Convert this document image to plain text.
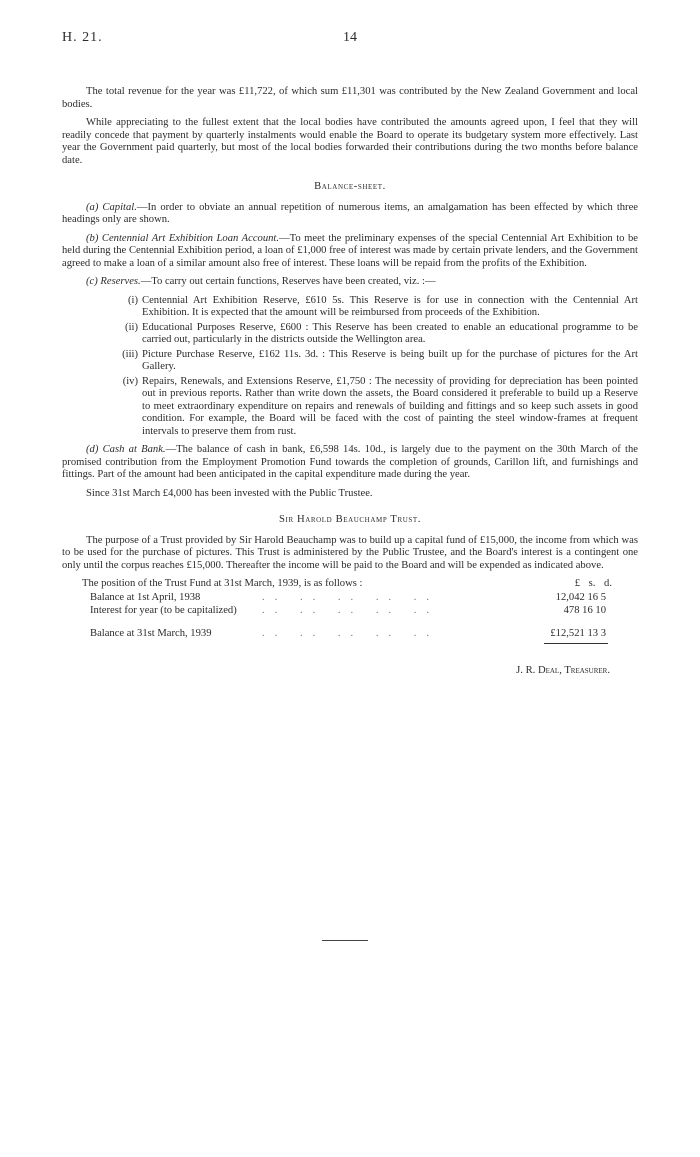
H. 21.	14

The total revenue for the year was £11,722, of which sum £11,301 was contributed by the New Zealand Government and local bodies.

While appreciating to the fullest extent that the local bodies have contributed the amounts agreed upon, I feel that they will readily concede that payment by quarterly instalments would enable the Board to operate its budgetary system more effectively. Last year the Government paid quarterly, but most of the local bodies forwarded their contributions during the two months before balance date.

Balance-sheet.

(a) Capital.—In order to obviate an annual repetition of numerous items, an amalgamation has been effected by which three headings only are shown.

(b) Centennial Art Exhibition Loan Account.—To meet the preliminary expenses of the special Centennial Art Exhibition to be held during the Centennial Exhibition period, a loan of £1,000 free of interest was made by certain private lenders, and the Government agreed to make a loan of a similar amount also free of interest. These loans will be repaid from the profits of the Exhibition.

(c) Reserves.—To carry out certain functions, Reserves have been created, viz. :—

(i) Centennial Art Exhibition Reserve, £610 5s. This Reserve is for use in connection with the Centennial Art Exhibition. It is expected that the amount will be reimbursed from proceeds of the Exhibition.
(ii) Educational Purposes Reserve, £600 : This Reserve has been created to enable an educational programme to be carried out, particularly in the districts outside the Wellington area.
(iii) Picture Purchase Reserve, £162 11s. 3d. : This Reserve is being built up for the purchase of pictures for the Art Gallery.
(iv) Repairs, Renewals, and Extensions Reserve, £1,750 : The necessity of providing for depreciation has been pointed out in previous reports. Rather than write down the assets, the Board considered it preferable to build up a Reserve to meet extraordinary expenditure on repairs and renewals of building and fittings and so keep such assets in good condition. For example, the Board will be faced with the cost of painting the steel window-frames at frequent intervals to preserve them from rust.

(d) Cash at Bank.—The balance of cash in bank, £6,598 14s. 10d., is largely due to the payment on the 30th March of the promised contribution from the Employment Promotion Fund towards the completion of grounds, Carillon lift, and furnishings and fittings. Part of the amount had been anticipated in the capital expenditure made during the year.

Since 31st March £4,000 has been invested with the Public Trustee.

Sir Harold Beauchamp Trust.

The purpose of a Trust provided by Sir Harold Beauchamp was to build up a capital fund of £15,000, the income from which was to be used for the purchase of pictures. This Trust is administered by the Public Trustee, and the Board's interest is a contingent one only until the corpus reaches £15,000. Thereafter the income will be paid to the Board and will be expended as indicated above.

The position of the Trust Fund at 31st March, 1939, is as follows :	£ s. d.
Balance at 1st April, 1938	.. .. .. .. ..	12,042 16 5
Interest for year (to be capitalized) .. .. .. .. ..	478 16 10
Balance at 31st March, 1939	.. .. .. .. ..	£12,521 13 3
J. R. Deal, Treasurer.
